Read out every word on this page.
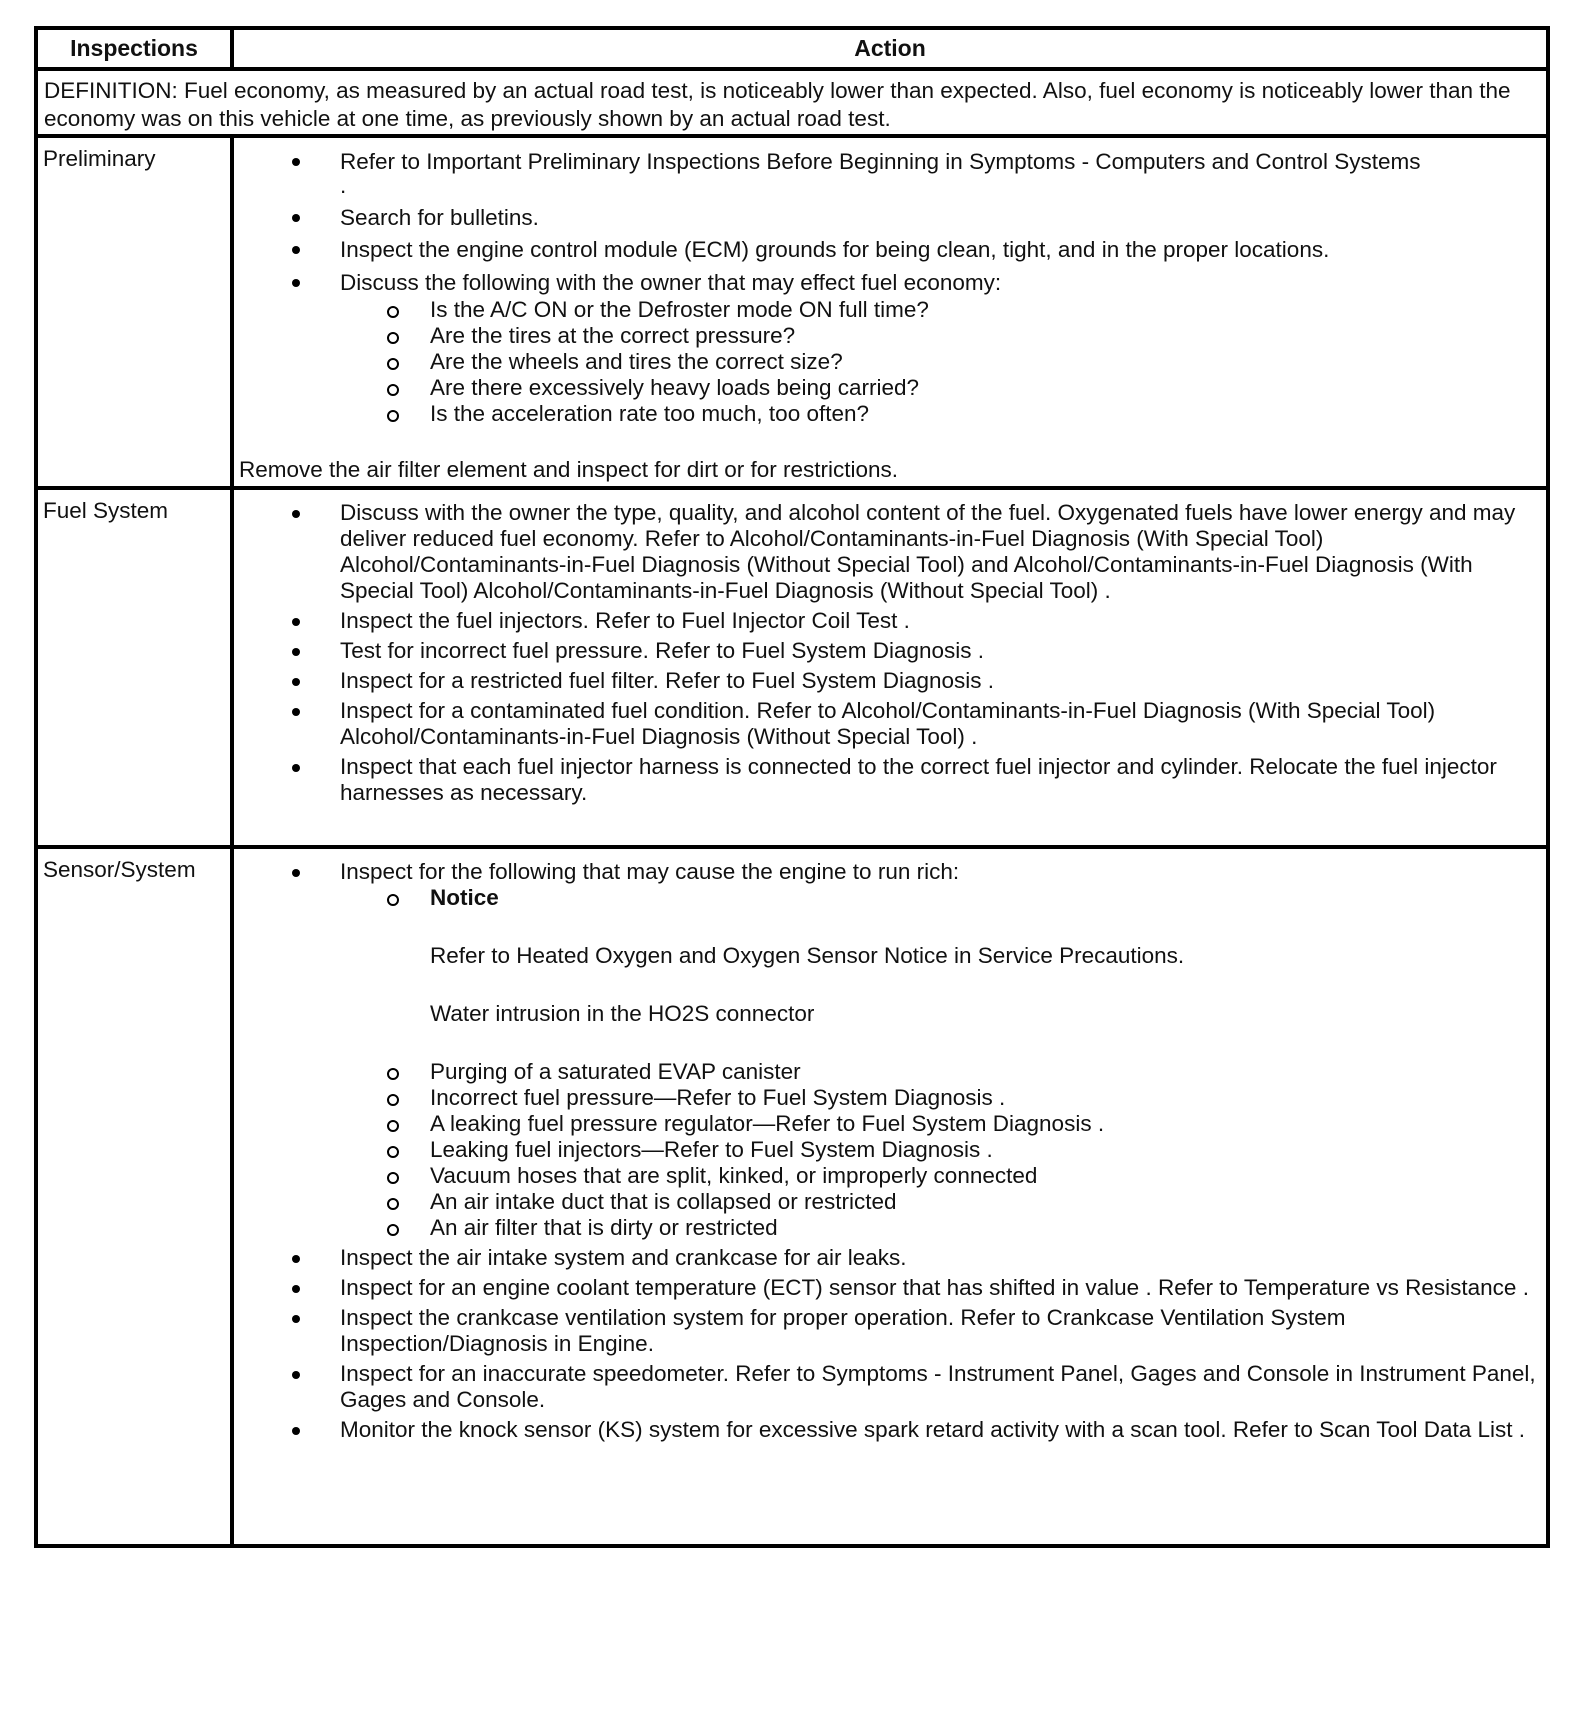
Inspections	Action
DEFINITION: Fuel economy, as measured by an actual road test, is noticeably lower than expected. Also, fuel economy is noticeably lower than the economy was on this vehicle at one time, as previously shown by an actual road test.
Preliminary	Refer to Important Preliminary Inspections Before Beginning in Symptoms - Computers and Control Systems
.
Search for bulletins.
Inspect the engine control module (ECM) grounds for being clean, tight, and in the proper locations.
Discuss the following with the owner that may effect fuel economy:
Is the A/C ON or the Defroster mode ON full time?
Are the tires at the correct pressure?
Are the wheels and tires the correct size?
Are there excessively heavy loads being carried?
Is the acceleration rate too much, too often?
Remove the air filter element and inspect for dirt or for restrictions.
Fuel System	Discuss with the owner the type, quality, and alcohol content of the fuel. Oxygenated fuels have lower energy and may deliver reduced fuel economy. Refer to Alcohol/Contaminants-in-Fuel Diagnosis (With Special Tool) Alcohol/Contaminants-in-Fuel Diagnosis (Without Special Tool) and Alcohol/Contaminants-in-Fuel Diagnosis (With Special Tool) Alcohol/Contaminants-in-Fuel Diagnosis (Without Special Tool) .
Inspect the fuel injectors. Refer to Fuel Injector Coil Test .
Test for incorrect fuel pressure. Refer to Fuel System Diagnosis .
Inspect for a restricted fuel filter. Refer to Fuel System Diagnosis .
Inspect for a contaminated fuel condition. Refer to Alcohol/Contaminants-in-Fuel Diagnosis (With Special Tool) Alcohol/Contaminants-in-Fuel Diagnosis (Without Special Tool) .
Inspect that each fuel injector harness is connected to the correct fuel injector and cylinder. Relocate the fuel injector harnesses as necessary.
Sensor/System	Inspect for the following that may cause the engine to run rich:
Notice
Refer to Heated Oxygen and Oxygen Sensor Notice in Service Precautions.
Water intrusion in the HO2S connector
Purging of a saturated EVAP canister
Incorrect fuel pressure—Refer to Fuel System Diagnosis .
A leaking fuel pressure regulator—Refer to Fuel System Diagnosis .
Leaking fuel injectors—Refer to Fuel System Diagnosis .
Vacuum hoses that are split, kinked, or improperly connected
An air intake duct that is collapsed or restricted
An air filter that is dirty or restricted
Inspect the air intake system and crankcase for air leaks.
Inspect for an engine coolant temperature (ECT) sensor that has shifted in value . Refer to Temperature vs Resistance .
Inspect the crankcase ventilation system for proper operation. Refer to Crankcase Ventilation System Inspection/Diagnosis in Engine.
Inspect for an inaccurate speedometer. Refer to Symptoms - Instrument Panel, Gages and Console in Instrument Panel, Gages and Console.
Monitor the knock sensor (KS) system for excessive spark retard activity with a scan tool. Refer to Scan Tool Data List .
